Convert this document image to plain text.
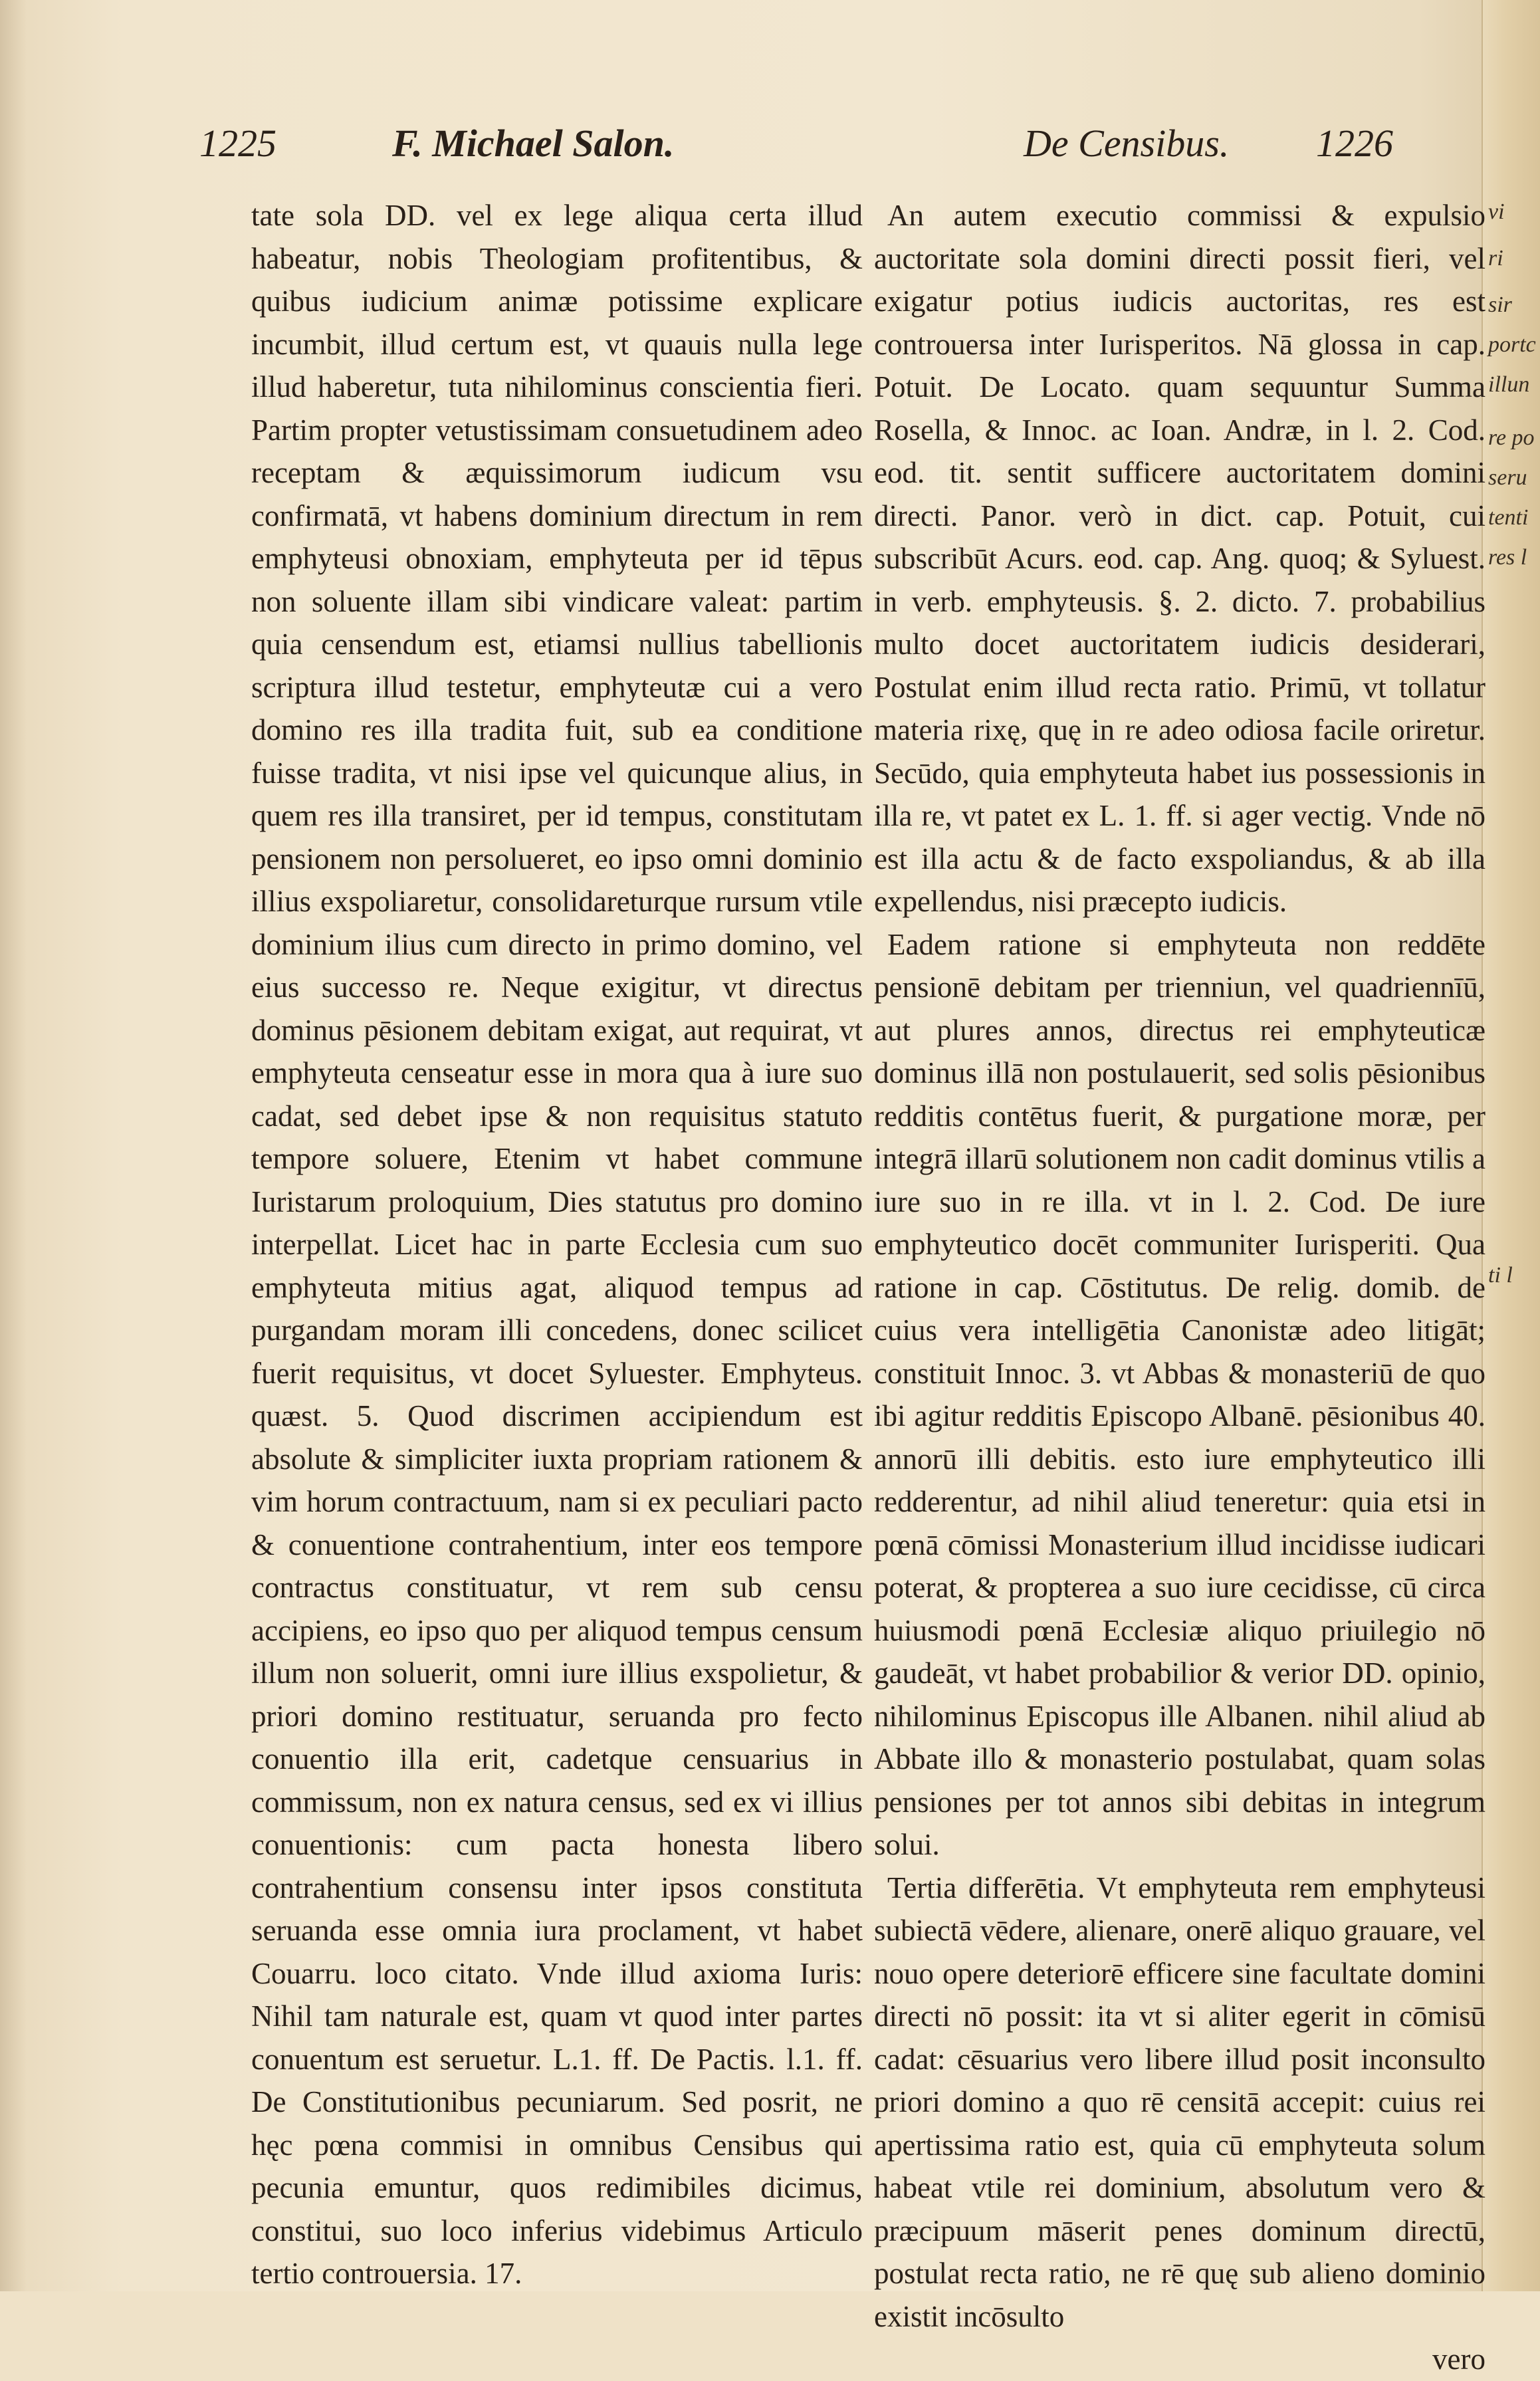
vi
ri
sir
portc
illun
re po
seru
tenti
res l
ti l
1225	F. Michael Salon.	De Censibus. 1226

tate sola DD. vel ex lege aliqua certa illud habeatur, nobis Theologiam profitentibus, & quibus iudicium animæ potissime explicare incumbit, illud certum est, vt quauis nulla lege illud haberetur, tuta nihilominus conscientia fieri. Partim propter vetustissimam consuetudinem adeo receptam & æquissimorum iudicum vsu confirmatā, vt habens dominium directum in rem emphyteusi obnoxiam, emphyteuta per id tēpus non soluente illam sibi vindicare valeat: partim quia censendum est, etiamsi nullius tabellionis scriptura illud testetur, emphyteutæ cui a vero domino res illa tradita fuit, sub ea conditione fuisse tradita, vt nisi ipse vel quicunque alius, in quem res illa transiret, per id tempus, constitutam pensionem non persolueret, eo ipso omni dominio illius exspoliaretur, consolidareturque rursum vtile dominium ilius cum directo in primo domino, vel eius successo re. Neque exigitur, vt directus dominus pēsionem debitam exigat, aut requirat, vt emphyteuta censeatur esse in mora qua à iure suo cadat, sed debet ipse & non requisitus statuto tempore soluere, Etenim vt habet commune Iuristarum proloquium, Dies statutus pro domino interpellat. Licet hac in parte Ecclesia cum suo emphyteuta mitius agat, aliquod tempus ad purgandam moram illi concedens, donec scilicet fuerit requisitus, vt docet Syluester. Emphyteus. quæst. 5. Quod discrimen accipiendum est absolute & simpliciter iuxta propriam rationem & vim horum contractuum, nam si ex peculiari pacto & conuentione contrahentium, inter eos tempore contractus constituatur, vt rem sub censu accipiens, eo ipso quo per aliquod tempus censum illum non soluerit, omni iure illius exspolietur, & priori domino restituatur, seruanda pro fecto conuentio illa erit, cadetque censuarius in commissum, non ex natura census, sed ex vi illius conuentionis: cum pacta honesta libero contrahentium consensu inter ipsos constituta seruanda esse omnia iura proclament, vt habet Couarru. loco citato. Vnde illud axioma Iuris: Nihil tam naturale est, quam vt quod inter partes conuentum est seruetur. L.1. ff. De Pactis. l.1. ff. De Constitutionibus pecuniarum. Sed posrit, ne hęc pœna commisi in omnibus Censibus qui pecunia emuntur, quos redimibiles dicimus, constitui, suo loco inferius videbimus Articulo tertio controuersia. 17.

An autem executio commissi & expulsio auctoritate sola domini directi possit fieri, vel exigatur potius iudicis auctoritas, res est controuersa inter Iurisperitos. Nā glossa in cap. Potuit. De Locato. quam sequuntur Summa Rosella, & Innoc. ac Ioan. Andræ, in l. 2. Cod. eod. tit. sentit sufficere auctoritatem domini directi. Panor. verò in dict. cap. Potuit, cui subscribūt Acurs. eod. cap. Ang. quoq; & Syluest. in verb. emphyteusis. §. 2. dicto. 7. probabilius multo docet auctoritatem iudicis desiderari, Postulat enim illud recta ratio. Primū, vt tollatur materia rixę, quę in re adeo odiosa facile oriretur. Secūdo, quia emphyteuta habet ius possessionis in illa re, vt patet ex L. 1. ff. si ager vectig. Vnde nō est illa actu & de facto exspoliandus, & ab illa expellendus, nisi præcepto iudicis.

Eadem ratione si emphyteuta non reddēte pensionē debitam per trienniun, vel quadriennīū, aut plures annos, directus rei emphyteuticæ dominus illā non postulauerit, sed solis pēsionibus redditis contētus fuerit, & purgatione moræ, per integrā illarū solutionem non cadit dominus vtilis a iure suo in re illa. vt in l. 2. Cod. De iure emphyteutico docēt communiter Iurisperiti. Qua ratione in cap. Cōstitutus. De relig. domib. de cuius vera intelligētia Canonistæ adeo litigāt; constituit Innoc. 3. vt Abbas & monasteriū de quo ibi agitur redditis Episcopo Albanē. pēsionibus 40. annorū illi debitis. esto iure emphyteutico illi redderentur, ad nihil aliud teneretur: quia etsi in pœnā cōmissi Monasterium illud incidisse iudicari poterat, & propterea a suo iure cecidisse, cū circa huiusmodi pœnā Ecclesiæ aliquo priuilegio nō gaudeāt, vt habet probabilior & verior DD. opinio, nihilominus Episcopus ille Albanen. nihil aliud ab Abbate illo & monasterio postulabat, quam solas pensiones per tot annos sibi debitas in integrum solui.

Tertia differētia. Vt emphyteuta rem emphyteusi subiectā vēdere, alienare, onerē aliquo grauare, vel nouo opere deteriorē efficere sine facultate domini directi nō possit: ita vt si aliter egerit in cōmisū cadat: cēsuarius vero libere illud posit inconsulto priori domino a quo rē censitā accepit: cuius rei apertissima ratio est, quia cū emphyteuta solum habeat vtile rei dominium, absolutum vero & præcipuum māserit penes dominum directū, postulat recta ratio, ne rē quę sub alieno dominio existit incōsulto

vero
